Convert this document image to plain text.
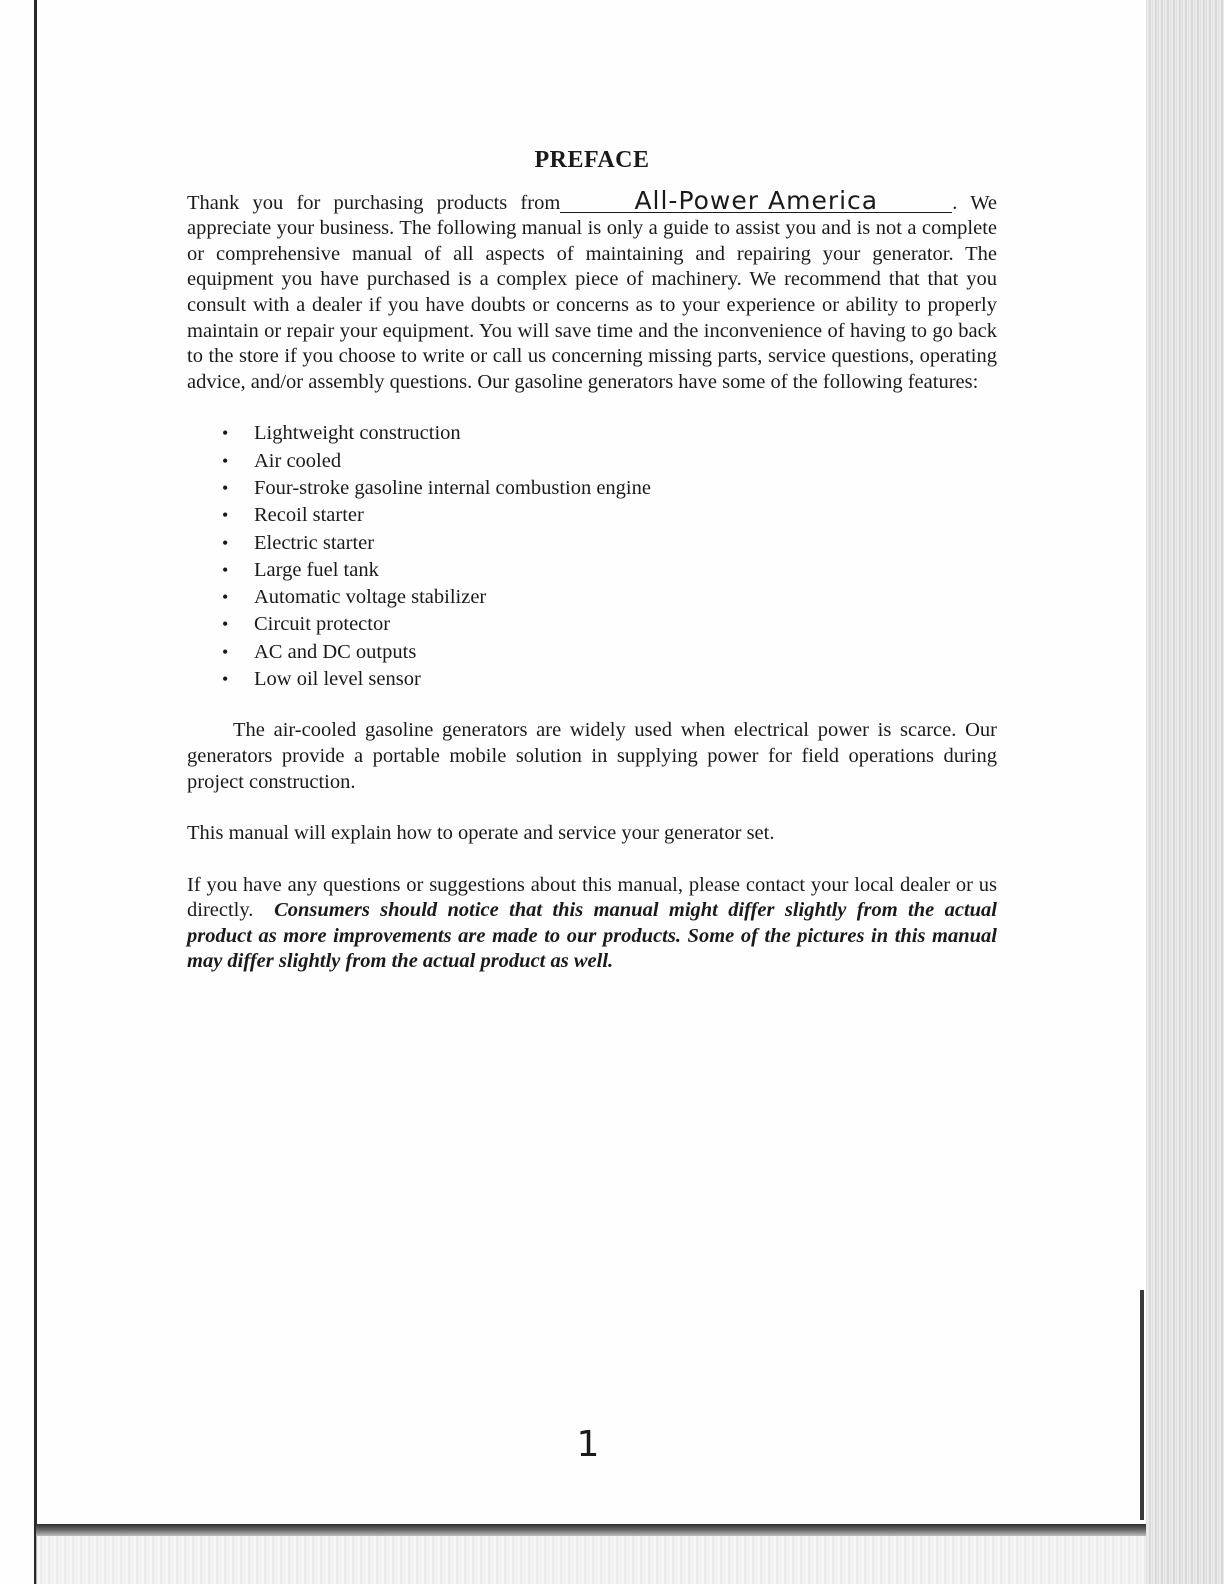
PREFACE

Thank you for purchasing products from	All-Power America	. We appreciate your business. The following manual is only a guide to assist you and is not a complete or comprehensive manual of all aspects of maintaining and repairing your generator. The equipment you have purchased is a complex piece of machinery. We recommend that that you consult with a dealer if you have doubts or concerns as to your experience or ability to properly maintain or repair your equipment. You will save time and the inconvenience of having to go back to the store if you choose to write or call us concerning missing parts, service questions, operating advice, and/or assembly questions. Our gasoline generators have some of the following features:

• Lightweight construction
• Air cooled
• Four-stroke gasoline internal combustion engine
• Recoil starter
• Electric starter
• Large fuel tank
• Automatic voltage stabilizer
• Circuit protector
• AC and DC outputs
• Low oil level sensor

The air-cooled gasoline generators are widely used when electrical power is scarce. Our generators provide a portable mobile solution in supplying power for field operations during project construction.

This manual will explain how to operate and service your generator set.

If you have any questions or suggestions about this manual, please contact your local dealer or us directly. Consumers should notice that this manual might differ slightly from the actual product as more improvements are made to our products. Some of the pictures in this manual may differ slightly from the actual product as well.

1
